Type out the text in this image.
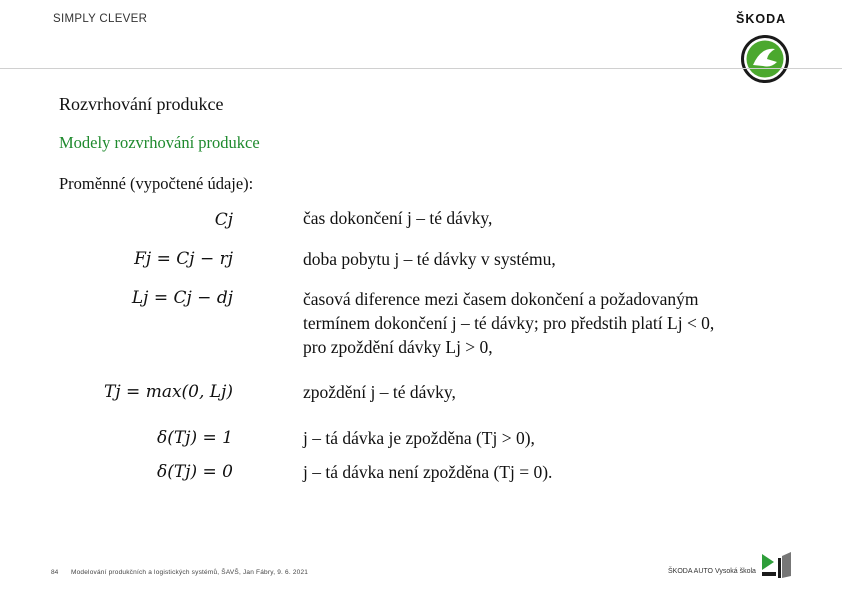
SIMPLY CLEVER	ŠKODA
Rozvrhování produkce
Modely rozvrhování produkce
Proměnné (vypočtené údaje):
Cj
Fj = Cj − rj
Lj = Cj − dj
Tj = max(0, Lj)
δ(Tj) = 1
δ(Tj) = 0
čas dokončení j – té dávky,
doba pobytu j – té dávky v systému,
časová diference mezi časem dokončení a požadovaným
termínem dokončení j – té dávky; pro předstih platí Lj < 0,
pro zpoždění dávky Lj > 0,
zpoždění j – té dávky,
j – tá dávka je zpožděna (Tj > 0),
j – tá dávka není zpožděna (Tj = 0).
84 Modelování produkčních a logistických systémů, ŠAVŠ, Jan Fábry, 9. 6. 2021	ŠKODA AUTO Vysoká škola
